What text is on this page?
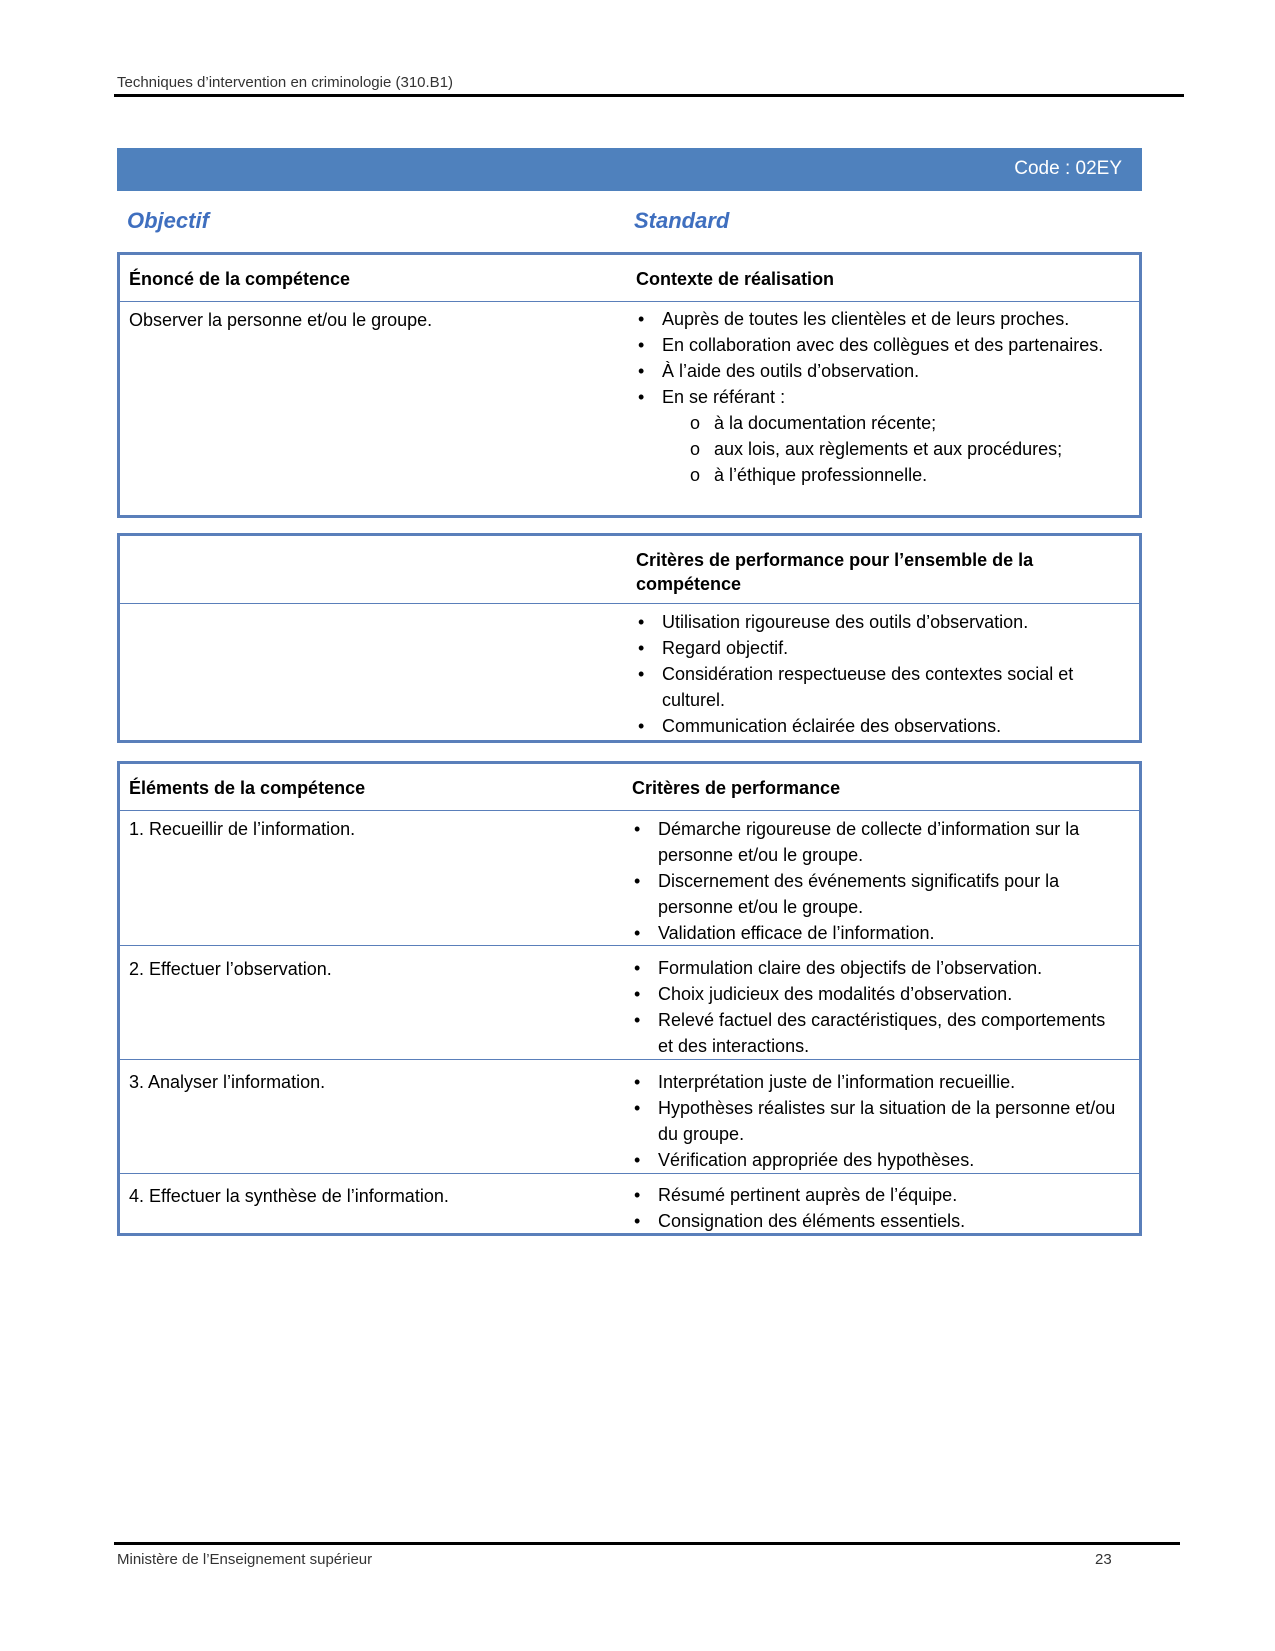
Techniques d’intervention en criminologie (310.B1)
Code : 02EY
Objectif	Standard
Énoncé de la compétence	Contexte de réalisation
Observer la personne et/ou le groupe.	• Auprès de toutes les clientèles et de leurs proches.
• En collaboration avec des collègues et des partenaires.
• À l’aide des outils d’observation.
• En se référant :
o à la documentation récente;
o aux lois, aux règlements et aux procédures;
o à l’éthique professionnelle.
Critères de performance pour l’ensemble de la compétence
• Utilisation rigoureuse des outils d’observation.
• Regard objectif.
• Considération respectueuse des contextes social et culturel.
• Communication éclairée des observations.
Éléments de la compétence	Critères de performance
1. Recueillir de l’information.	• Démarche rigoureuse de collecte d’information sur la personne et/ou le groupe.
• Discernement des événements significatifs pour la personne et/ou le groupe.
• Validation efficace de l’information.
2. Effectuer l’observation.	• Formulation claire des objectifs de l’observation.
• Choix judicieux des modalités d’observation.
• Relevé factuel des caractéristiques, des comportements et des interactions.
3. Analyser l’information.	• Interprétation juste de l’information recueillie.
• Hypothèses réalistes sur la situation de la personne et/ou du groupe.
• Vérification appropriée des hypothèses.
4. Effectuer la synthèse de l’information.	• Résumé pertinent auprès de l’équipe.
• Consignation des éléments essentiels.
Ministère de l’Enseignement supérieur	23
